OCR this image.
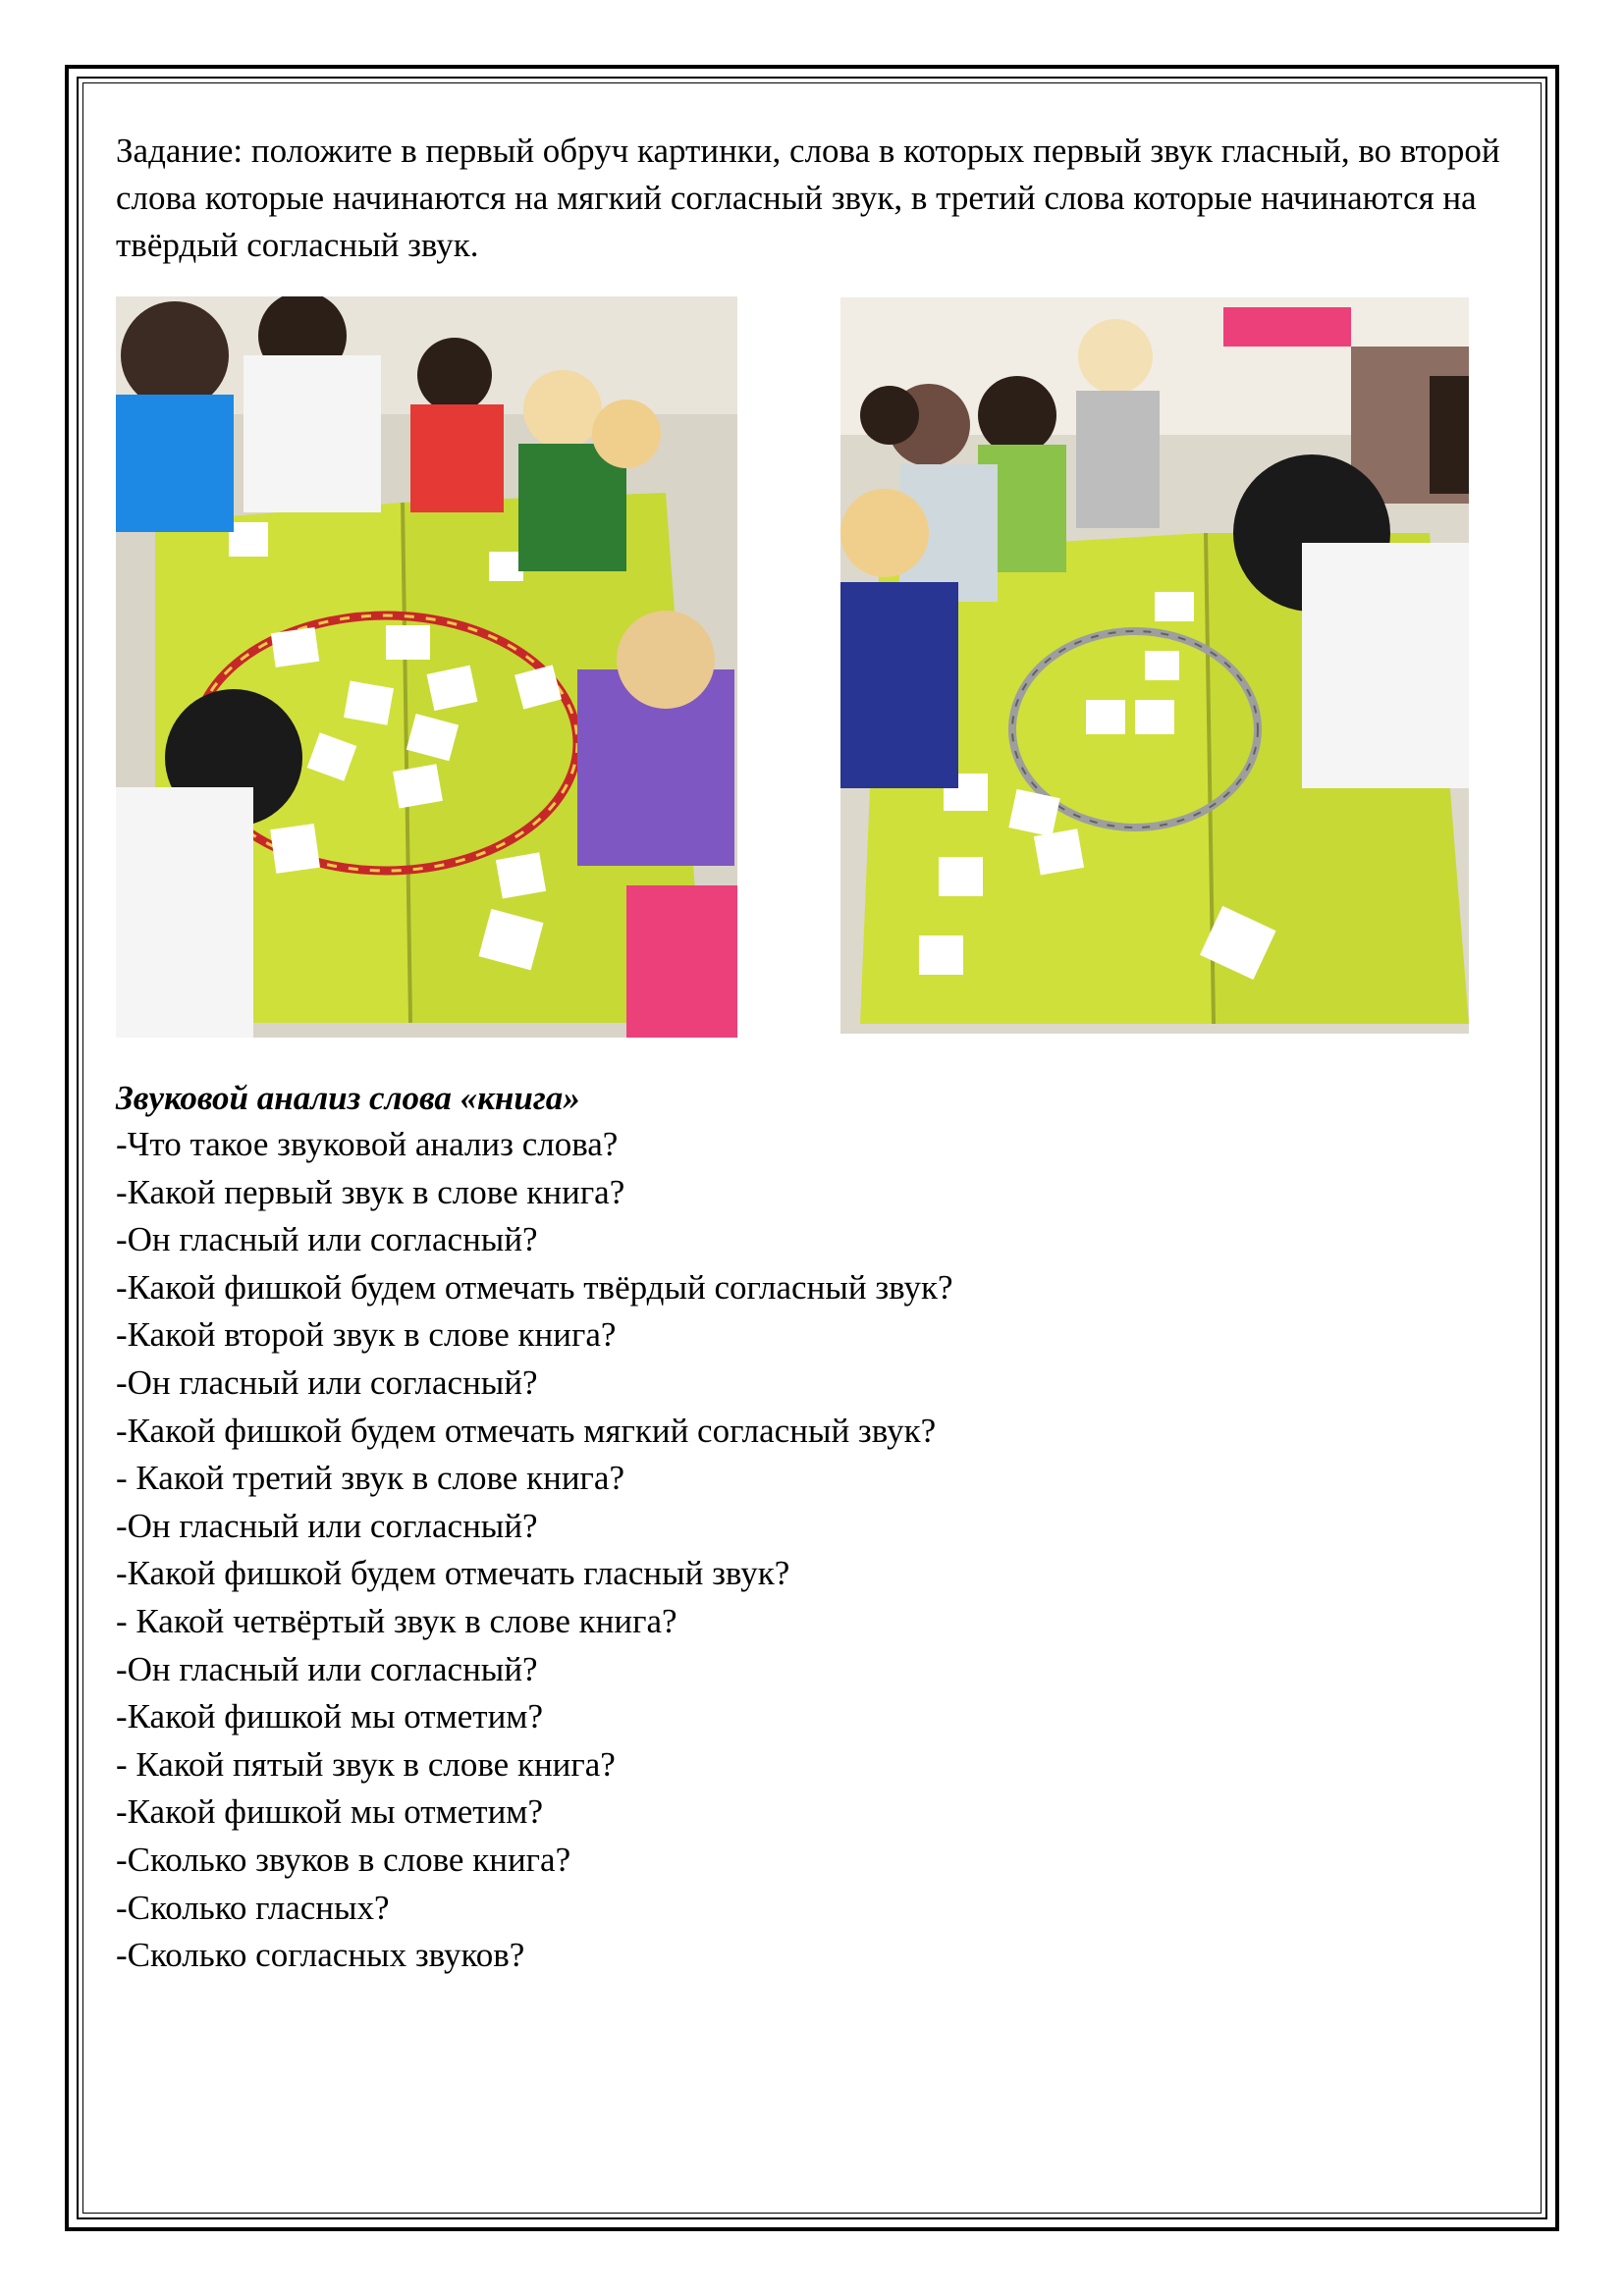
Задание: положите в первый обруч картинки, слова в которых первый звук гласный, во второй слова которые начинаются на мягкий согласный звук, в третий слова которые начинаются на твёрдый согласный звук.

Звуковой анализ слова «книга»

-Что такое звуковой анализ слова?
-Какой первый звук в слове книга?
-Он гласный или согласный?
-Какой фишкой будем отмечать твёрдый согласный звук?
-Какой второй звук в слове книга?
-Он гласный или согласный?
-Какой фишкой будем отмечать мягкий согласный звук?
- Какой третий звук в слове книга?
-Он гласный или согласный?
-Какой фишкой будем отмечать гласный звук?
- Какой четвёртый звук в слове книга?
-Он гласный или согласный?
-Какой фишкой мы отметим?
- Какой пятый звук в слове книга?
-Какой фишкой мы отметим?
-Сколько звуков в слове книга?
-Сколько гласных?
-Сколько согласных звуков?
